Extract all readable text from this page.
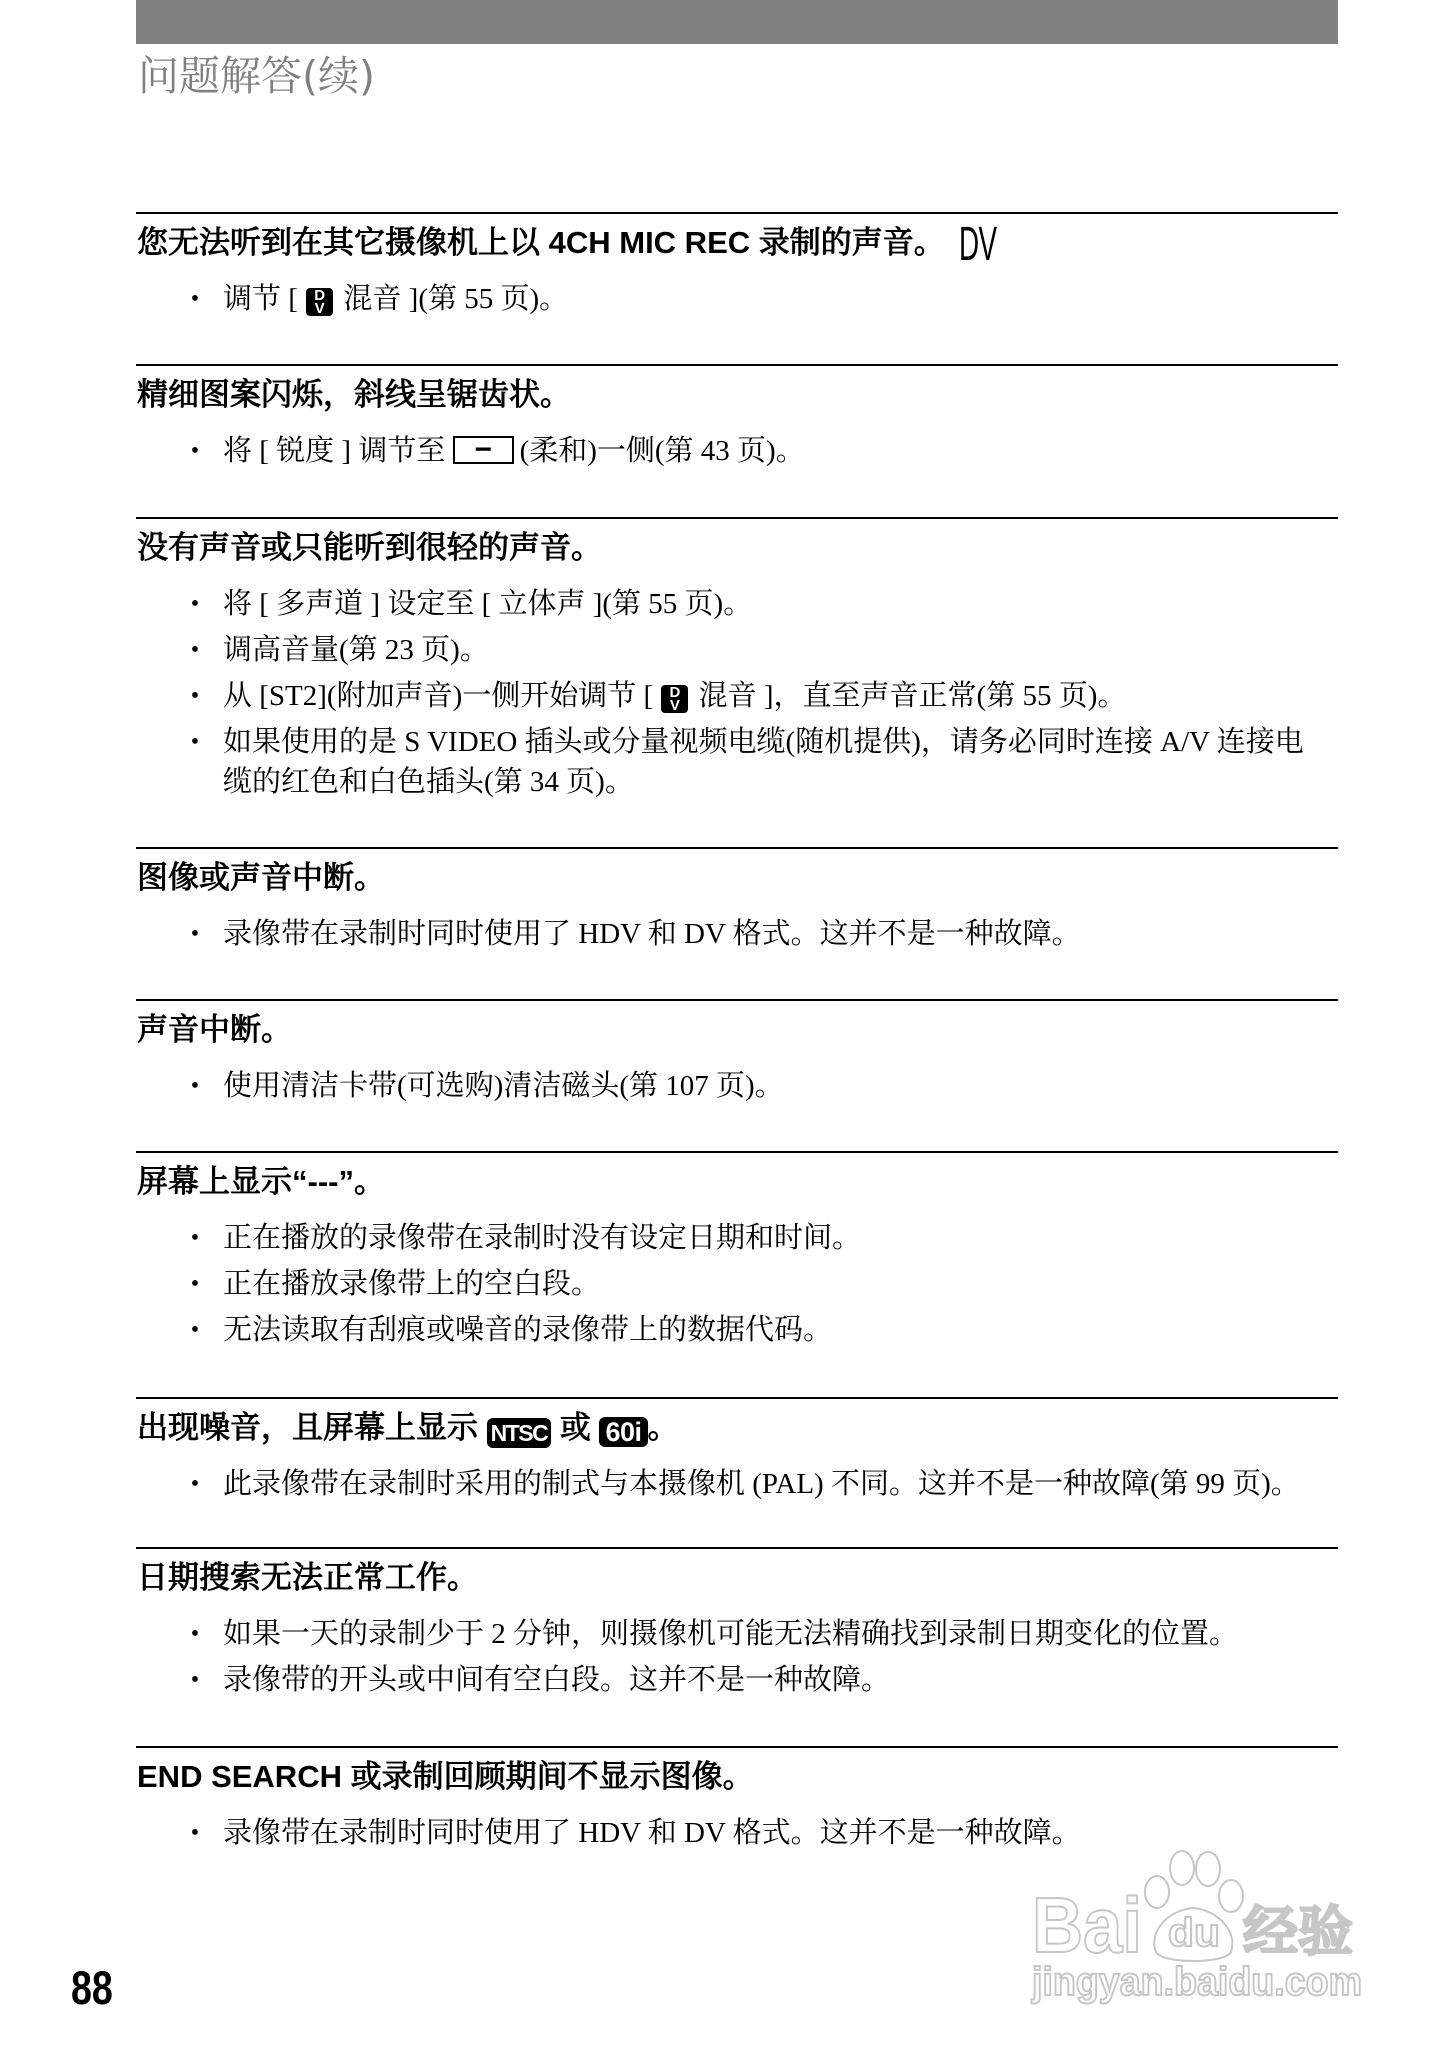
问题解答(续)
您无法听到在其它摄像机上以 4CH MIC REC 录制的声音。 DV
• 调节 [ D
V 混音 ](第 55 页)。
精细图案闪烁，斜线呈锯齿状。
• 将 [ 锐度 ] 调节至 − (柔和)一侧(第 43 页)。
没有声音或只能听到很轻的声音。
• 将 [ 多声道 ] 设定至 [ 立体声 ](第 55 页)。
• 调高音量(第 23 页)。
• 从 [ST2](附加声音)一侧开始调节 [ D
V 混音 ]，直至声音正常(第 55 页)。
• 如果使用的是 S VIDEO 插头或分量视频电缆(随机提供)，请务必同时连接 A/V 连接电
缆的红色和白色插头(第 34 页)。
图像或声音中断。
• 录像带在录制时同时使用了 HDV 和 DV 格式。这并不是一种故障。
声音中断。
• 使用清洁卡带(可选购)清洁磁头(第 107 页)。
屏幕上显示“---”。
• 正在播放的录像带在录制时没有设定日期和时间。
• 正在播放录像带上的空白段。
• 无法读取有刮痕或噪音的录像带上的数据代码。
出现噪音，且屏幕上显示 NTSC 或 60i 。
• 此录像带在录制时采用的制式与本摄像机 (PAL) 不同。这并不是一种故障(第 99 页)。
日期搜索无法正常工作。
• 如果一天的录制少于 2 分钟，则摄像机可能无法精确找到录制日期变化的位置。
• 录像带的开头或中间有空白段。这并不是一种故障。
END SEARCH 或录制回顾期间不显示图像。
• 录像带在录制时同时使用了 HDV 和 DV 格式。这并不是一种故障。
88
Bai du 经验
jingyan.baidu.com
